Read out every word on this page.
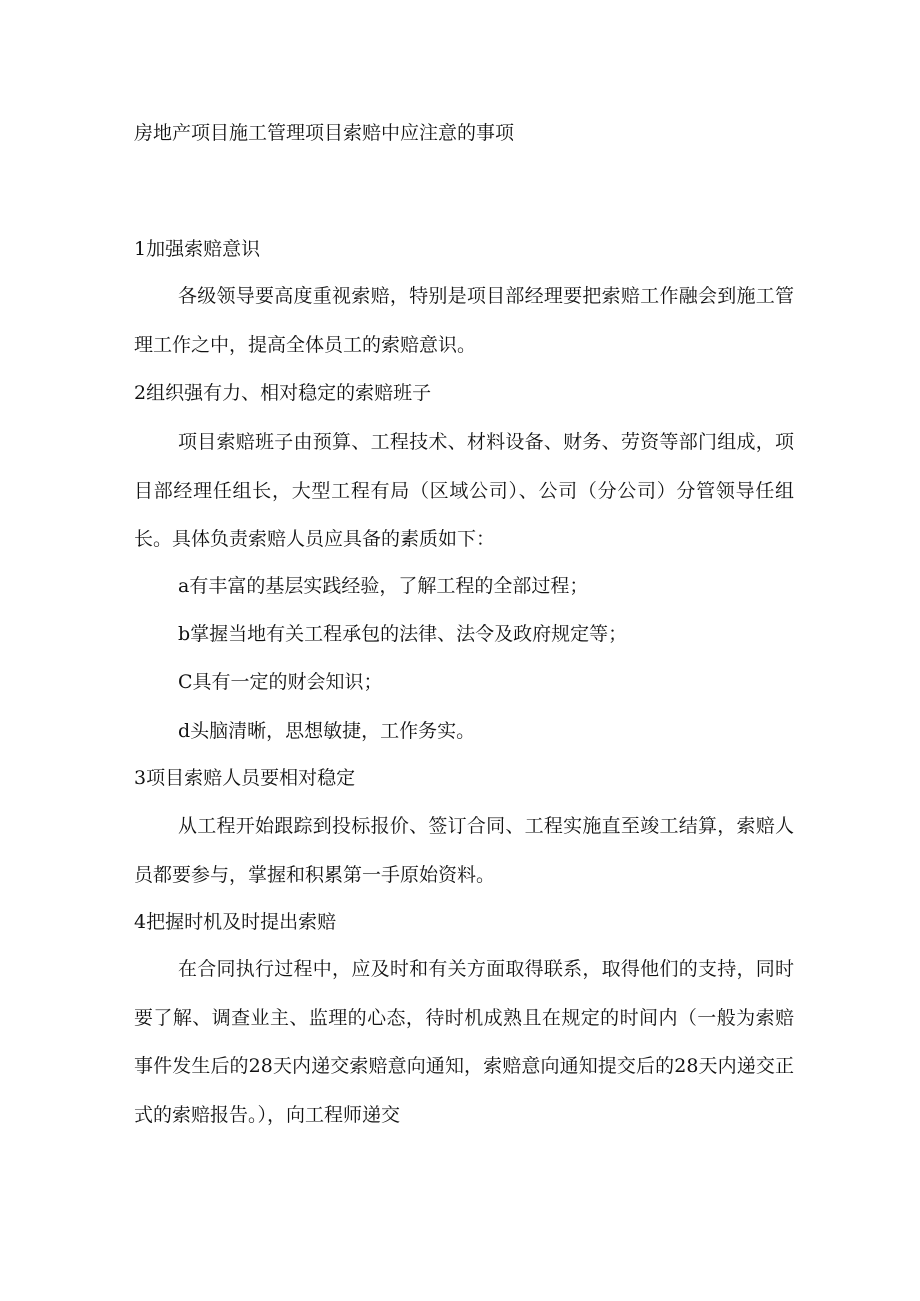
房地产项目施工管理项目索赔中应注意的事项
1加强索赔意识
各级领导要高度重视索赔，特别是项目部经理要把索赔工作融会到施工管理工作之中，提高全体员工的索赔意识。
2组织强有力、相对稳定的索赔班子
项目索赔班子由预算、工程技术、材料设备、财务、劳资等部门组成，项目部经理任组长，大型工程有局（区域公司）、公司（分公司）分管领导任组长。具体负责索赔人员应具备的素质如下：
a有丰富的基层实践经验，了解工程的全部过程；
b掌握当地有关工程承包的法律、法令及政府规定等；
C具有一定的财会知识；
d头脑清晰，思想敏捷，工作务实。
3项目索赔人员要相对稳定
从工程开始跟踪到投标报价、签订合同、工程实施直至竣工结算，索赔人员都要参与，掌握和积累第一手原始资料。
4把握时机及时提出索赔
在合同执行过程中，应及时和有关方面取得联系，取得他们的支持，同时要了解、调查业主、监理的心态，待时机成熟且在规定的时间内（一般为索赔事件发生后的28天内递交索赔意向通知，索赔意向通知提交后的28天内递交正式的索赔报告。），向工程师递交
